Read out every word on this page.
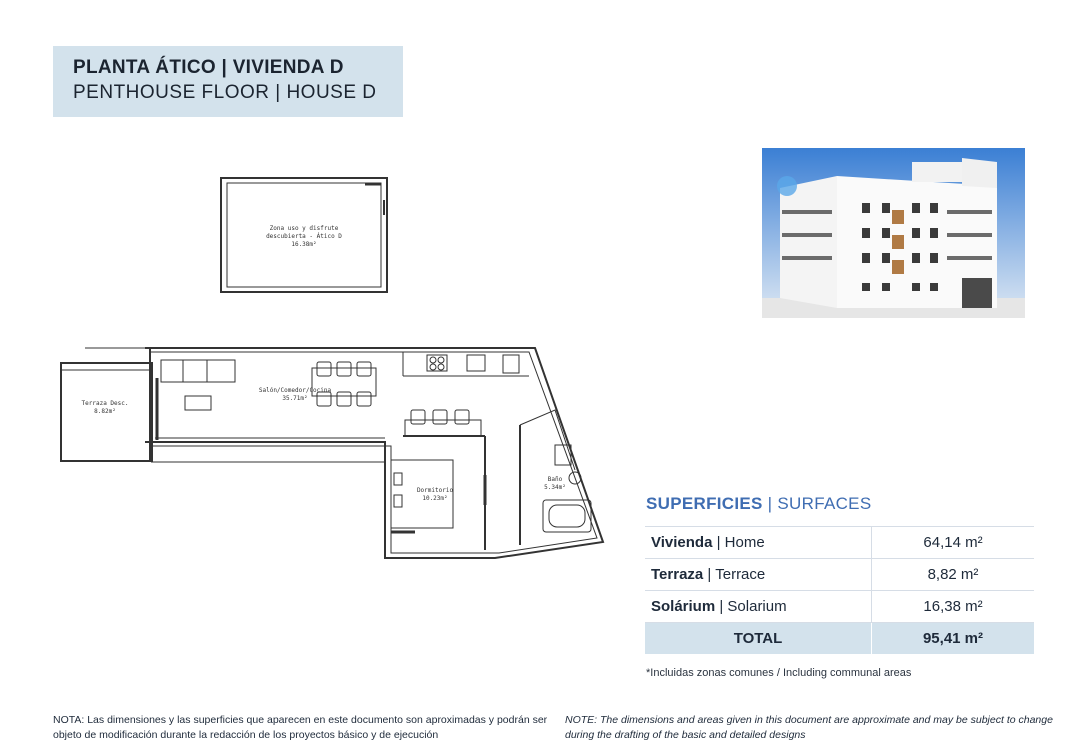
PLANTA ÁTICO | VIVIENDA D
PENTHOUSE FLOOR | HOUSE D
Zona uso y disfrute
descubierta - Ático D
16.38m²
Terraza Desc.
8.82m²
Salón/Comedor/Cocina
35.71m²
Dormitorio
10.23m²
Baño
5.34m²
SUPERFICIES | SURFACES
Vivienda | Home	64,14 m²
Terraza | Terrace	8,82 m²
Solárium | Solarium	16,38 m²
TOTAL	95,41 m²
*Incluidas zonas comunes / Including communal areas
NOTA: Las dimensiones y las superficies que aparecen en este documento son aproximadas y podrán ser objeto de modificación durante la redacción de los proyectos básico y de ejecución
NOTE: The dimensions and areas given in this document are approximate and may be subject to change during the drafting of the basic and detailed designs
